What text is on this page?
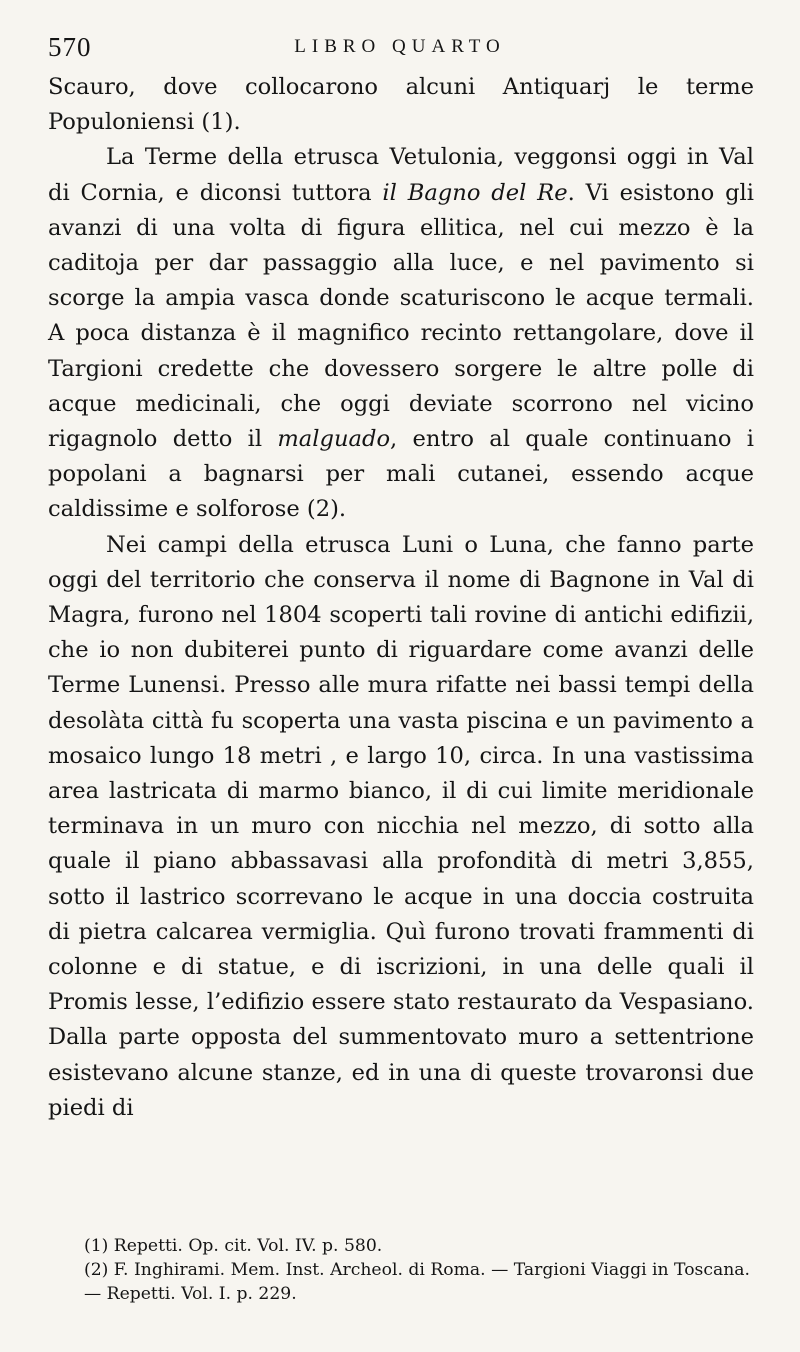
570	LIBRO QUARTO

Scauro, dove collocarono alcuni Antiquarj le terme Populoniensi (1).

La Terme della etrusca Vetulonia, veggonsi oggi in Val di Cornia, e diconsi tuttora il Bagno del Re. Vi esistono gli avanzi di una volta di figura ellitica, nel cui mezzo è la caditoja per dar passaggio alla luce, e nel pavimento si scorge la ampia vasca donde scaturiscono le acque termali. A poca distanza è il magnifico recinto rettangolare, dove il Targioni credette che dovessero sorgere le altre polle di acque medicinali, che oggi deviate scorrono nel vicino rigagnolo detto il malguado, entro al quale continuano i popolani a bagnarsi per mali cutanei, essendo acque caldissime e solforose (2).

Nei campi della etrusca Luni o Luna, che fanno parte oggi del territorio che conserva il nome di Bagnone in Val di Magra, furono nel 1804 scoperti tali rovine di antichi edifizii, che io non dubiterei punto di riguardare come avanzi delle Terme Lunensi. Presso alle mura rifatte nei bassi tempi della desolàta città fu scoperta una vasta piscina e un pavimento a mosaico lungo 18 metri , e largo 10, circa. In una vastissima area lastricata di marmo bianco, il di cui limite meridionale terminava in un muro con nicchia nel mezzo, di sotto alla quale il piano abbassavasi alla profondità di metri 3,855, sotto il lastrico scorrevano le acque in una doccia costruita di pietra calcarea vermiglia. Quì furono trovati frammenti di colonne e di statue, e di iscrizioni, in una delle quali il Promis lesse, l’edifizio essere stato restaurato da Vespasiano. Dalla parte opposta del summentovato muro a settentrione esistevano alcune stanze, ed in una di queste trovaronsi due piedi di

(1) Repetti. Op. cit. Vol. IV. p. 580.

(2) F. Inghirami. Mem. Inst. Archeol. di Roma. — Targioni Viaggi in Toscana. — Repetti. Vol. I. p. 229.
